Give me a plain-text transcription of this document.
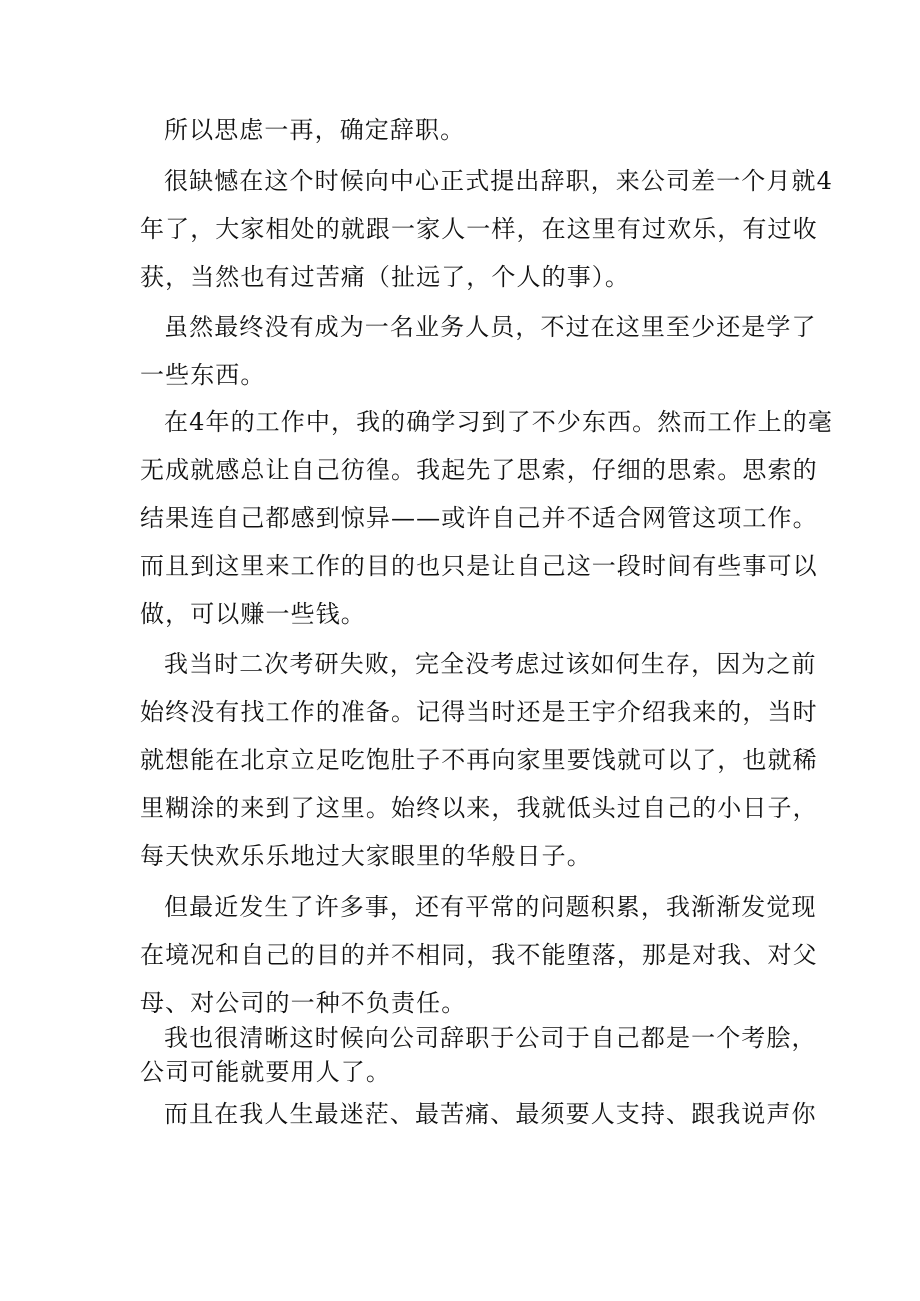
所以思虑一再，确定辞职。
很缺憾在这个时候向中心正式提出辞职，来公司差一个月就4
年了，大家相处的就跟一家人一样，在这里有过欢乐，有过收
获，当然也有过苦痛（扯远了，个人的事）。
虽然最终没有成为一名业务人员，不过在这里至少还是学了
一些东西。
在4年的工作中，我的确学习到了不少东西。然而工作上的毫
无成就感总让自己彷徨。我起先了思索，仔细的思索。思索的
结果连自己都感到惊异——或许自己并不适合网管这项工作。
而且到这里来工作的目的也只是让自己这一段时间有些事可以
做，可以赚一些钱。
我当时二次考研失败，完全没考虑过该如何生存，因为之前
始终没有找工作的准备。记得当时还是王宇介绍我来的，当时
就想能在北京立足吃饱肚子不再向家里要饯就可以了，也就稀
里糊涂的来到了这里。始终以来，我就低头过自己的小日子，
每天快欢乐乐地过大家眼里的华般日子。
但最近发生了许多事，还有平常的问题积累，我渐渐发觉现
在境况和自己的目的并不相同，我不能堕落，那是对我、对父
母、对公司的一种不负责任。
我也很清晰这时候向公司辞职于公司于自己都是一个考脍，
公司可能就要用人了。
而且在我人生最迷茫、最苦痛、最须要人支持、跟我说声你
